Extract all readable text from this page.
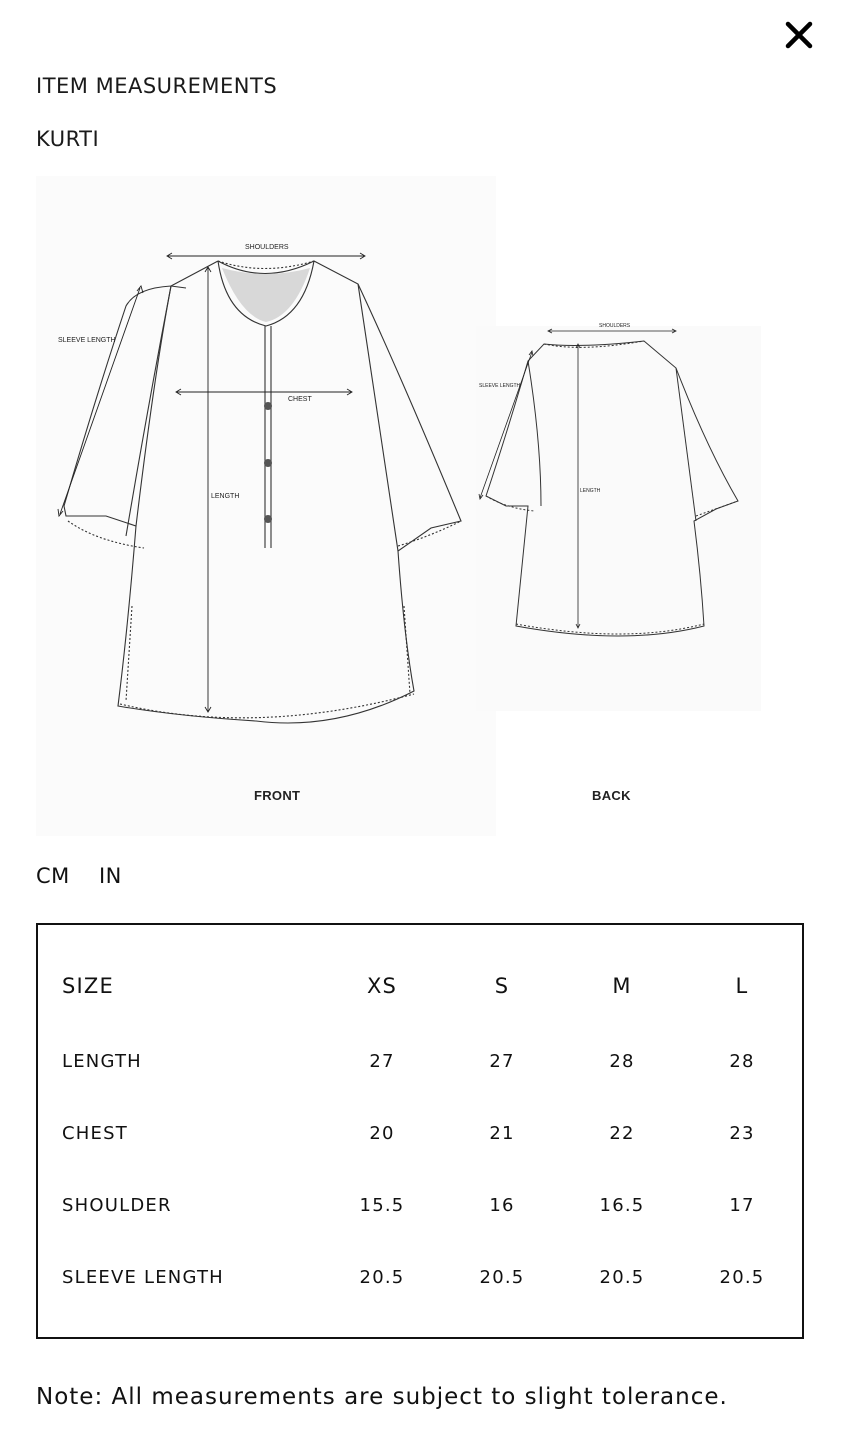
ITEM MEASUREMENTS
KURTI
SHOULDERS
SLEEVE LENGTH
CHEST
LENGTH
SHOULDERS
SLEEVE LENGTH
LENGTH
FRONT	BACK
CM IN
SIZE	XS	S	M	L
LENGTH	27	27	28	28
CHEST	20	21	22	23
SHOULDER	15.5	16	16.5	17
SLEEVE LENGTH	20.5	20.5	20.5	20.5
Note: All measurements are subject to slight tolerance.
